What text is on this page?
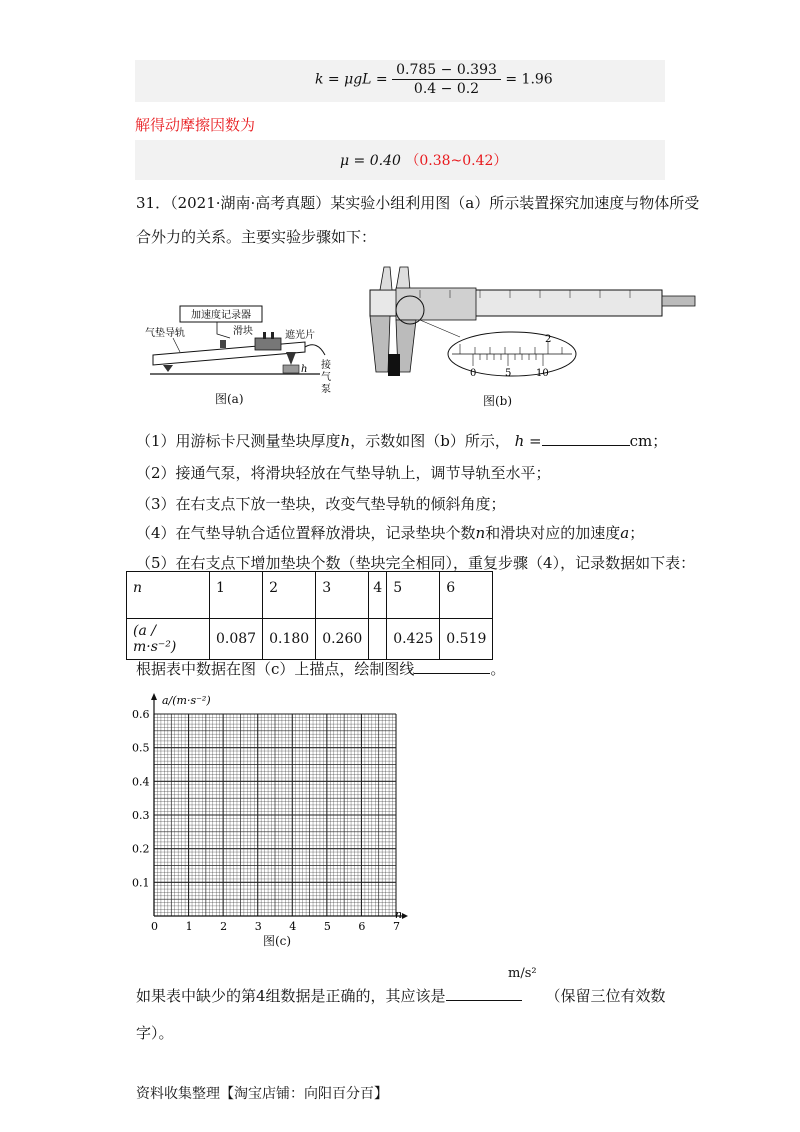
$k = \mu gL = \frac{0.785 - 0.393}{0.4 - 0.2} = 1.96$
解得动摩擦因数为
μ = 0.40 （0.38~0.42）
31．（2021·湖南·高考真题）某实验小组利用图（a）所示装置探究加速度与物体所受
合外力的关系。主要实验步骤如下：
加速度记录器
气垫导轨	滑块	遮光片
h 接
气
泵
图(a)
2
0	5 10
图(b)
（1）用游标卡尺测量垫块厚度h，示数如图（b）所示， h =	cm；
（2）接通气泵，将滑块轻放在气垫导轨上，调节导轨至水平；
（3）在右支点下放一垫块，改变气垫导轨的倾斜角度；
（4）在气垫导轨合适位置释放滑块，记录垫块个数n和滑块对应的加速度a；
（5）在右支点下增加垫块个数（垫块完全相同），重复步骤（4），记录数据如下表：
n	1	2	3	4	5	6
(a / m·s⁻²)	0.087	0.180	0.260		0.425	0.519
根据表中数据在图（c）上描点，绘制图线	。
0	1	2	3	4	5	6	7
0.1
0.2
0.3
0.4
0.5
0.6
a/(m·s⁻²)
n
图(c)
m/s²
如果表中缺少的第4组数据是正确的，其应该是	（保留三位有效数
字）。
资料收集整理【淘宝店铺：向阳百分百】
